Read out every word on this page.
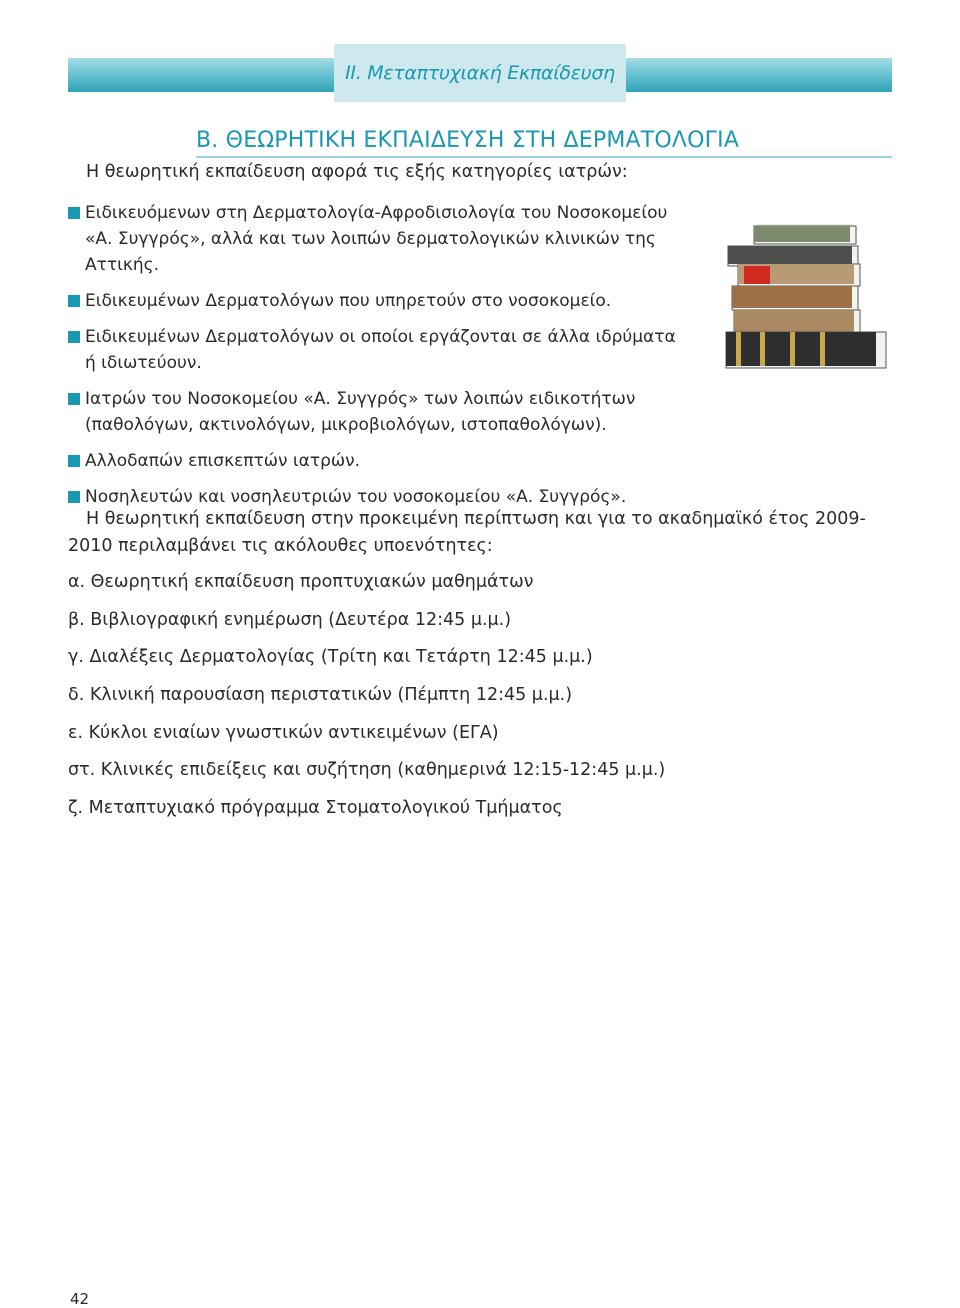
II. Μεταπτυχιακή Εκπαίδευση
Β. ΘΕΩΡΗΤΙΚΗ ΕΚΠΑΙΔΕΥΣΗ ΣΤΗ ΔΕΡΜΑΤΟΛΟΓΙΑ
Η θεωρητική εκπαίδευση αφορά τις εξής κατηγορίες ιατρών:
Ειδικευόμενων στη Δερματολογία-Αφροδισιολογία του Νοσοκομείου «Α. Συγγρός», αλλά και των λοιπών δερματολογικών κλινικών της Αττικής.
Ειδικευμένων Δερματολόγων που υπηρετούν στο νοσοκομείο.
Ειδικευμένων Δερματολόγων οι οποίοι εργάζονται σε άλλα ιδρύματα ή ιδιωτεύουν.
Ιατρών του Νοσοκομείου «Α. Συγγρός» των λοιπών ειδικοτήτων (παθολόγων, ακτινολόγων, μικροβιολόγων, ιστοπαθολόγων).
Αλλοδαπών επισκεπτών ιατρών.
Νοσηλευτών και νοσηλευτριών του νοσοκομείου «Α. Συγγρός».
Η θεωρητική εκπαίδευση στην προκειμένη περίπτωση και για το ακαδημαϊκό έτος 2009-2010 περιλαμβάνει τις ακόλουθες υποενότητες:
α. Θεωρητική εκπαίδευση προπτυχιακών μαθημάτων
β. Βιβλιογραφική ενημέρωση (Δευτέρα 12:45 μ.μ.)
γ. Διαλέξεις Δερματολογίας (Τρίτη και Τετάρτη 12:45 μ.μ.)
δ. Κλινική παρουσίαση περιστατικών (Πέμπτη 12:45 μ.μ.)
ε. Κύκλοι ενιαίων γνωστικών αντικειμένων (ΕΓΑ)
στ. Κλινικές επιδείξεις και συζήτηση (καθημερινά 12:15-12:45 μ.μ.)
ζ. Μεταπτυχιακό πρόγραμμα Στοματολογικού Τμήματος
42
